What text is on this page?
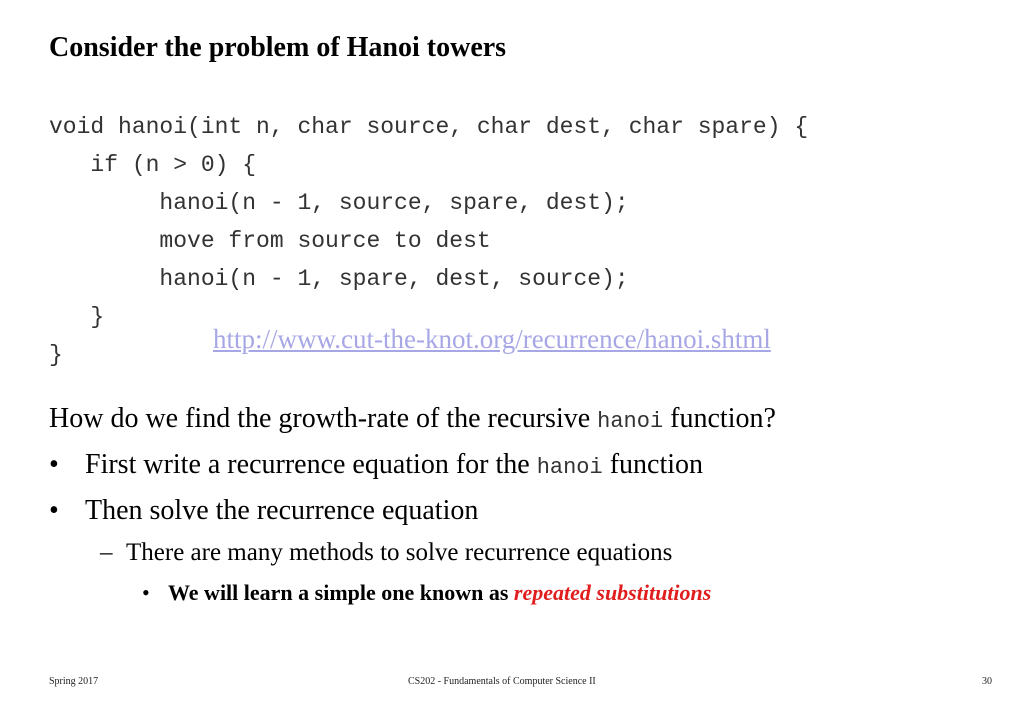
Consider the problem of Hanoi towers
void hanoi(int n, char source, char dest, char spare) {
if (n > 0) {
hanoi(n - 1, source, spare, dest);
move from source to dest
hanoi(n - 1, spare, dest, source);
}
}
http://www.cut-the-knot.org/recurrence/hanoi.shtml
How do we find the growth-rate of the recursive hanoi function?
• First write a recurrence equation for the hanoi function
• Then solve the recurrence equation
– There are many methods to solve recurrence equations
• We will learn a simple one known as repeated substitutions
Spring 2017	CS202 - Fundamentals of Computer Science II	30
